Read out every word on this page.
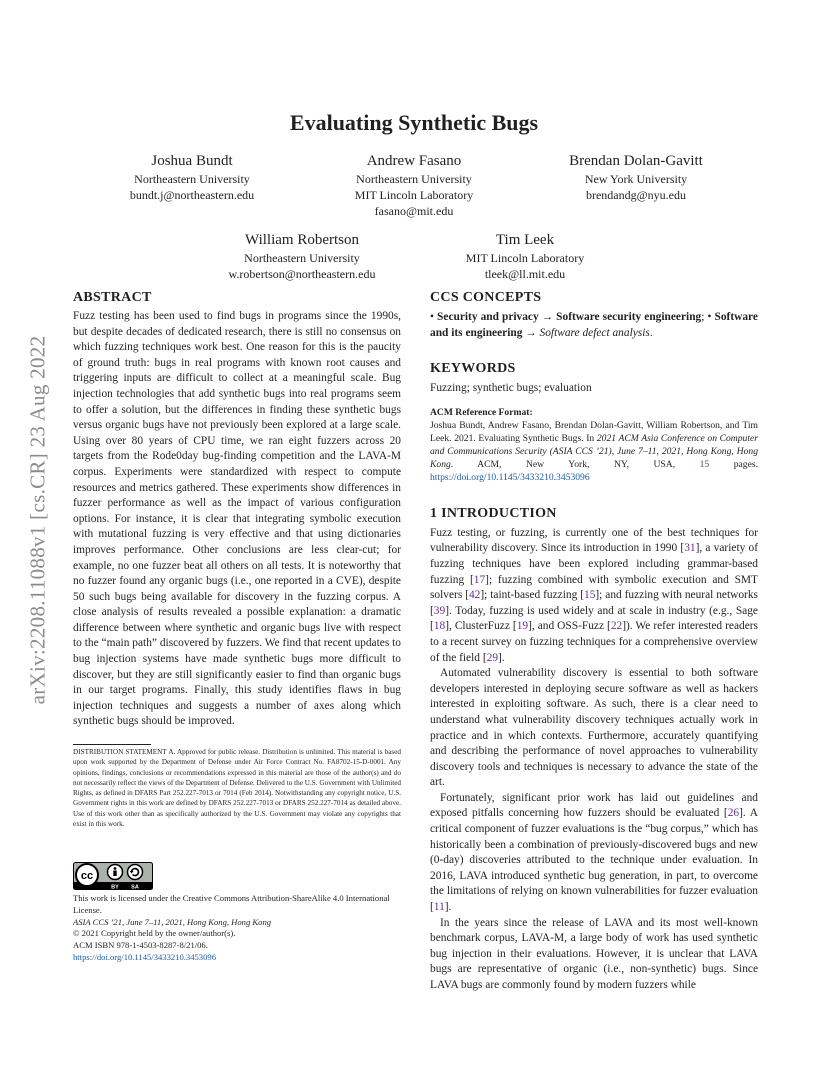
arXiv:2208.11088v1 [cs.CR] 23 Aug 2022
Evaluating Synthetic Bugs
Joshua Bundt
Northeastern University
bundt.j@northeastern.edu
Andrew Fasano
Northeastern University
MIT Lincoln Laboratory
fasano@mit.edu
Brendan Dolan-Gavitt
New York University
brendandg@nyu.edu
William Robertson
Northeastern University
w.robertson@northeastern.edu
Tim Leek
MIT Lincoln Laboratory
tleek@ll.mit.edu
ABSTRACT
Fuzz testing has been used to find bugs in programs since the 1990s, but despite decades of dedicated research, there is still no consensus on which fuzzing techniques work best. One reason for this is the paucity of ground truth: bugs in real programs with known root causes and triggering inputs are difficult to collect at a meaningful scale. Bug injection technologies that add synthetic bugs into real programs seem to offer a solution, but the differences in finding these synthetic bugs versus organic bugs have not previously been explored at a large scale. Using over 80 years of CPU time, we ran eight fuzzers across 20 targets from the Rode0day bug-finding competition and the LAVA-M corpus. Experiments were standardized with respect to compute resources and metrics gathered. These experiments show differences in fuzzer performance as well as the impact of various configuration options. For instance, it is clear that integrating symbolic execution with mutational fuzzing is very effective and that using dictionaries improves performance. Other conclusions are less clear-cut; for example, no one fuzzer beat all others on all tests. It is noteworthy that no fuzzer found any organic bugs (i.e., one reported in a CVE), despite 50 such bugs being available for discovery in the fuzzing corpus. A close analysis of results revealed a possible explanation: a dramatic difference between where synthetic and organic bugs live with respect to the “main path” discovered by fuzzers. We find that recent updates to bug injection systems have made synthetic bugs more difficult to discover, but they are still significantly easier to find than organic bugs in our target programs. Finally, this study identifies flaws in bug injection techniques and suggests a number of axes along which synthetic bugs should be improved.
DISTRIBUTION STATEMENT A. Approved for public release. Distribution is unlimited. This material is based upon work supported by the Department of Defense under Air Force Contract No. FA8702-15-D-0001. Any opinions, findings, conclusions or recommendations expressed in this material are those of the author(s) and do not necessarily reflect the views of the Department of Defense. Delivered to the U.S. Government with Unlimited Rights, as defined in DFARS Part 252.227-7013 or 7014 (Feb 2014). Notwithstanding any copyright notice, U.S. Government rights in this work are defined by DFARS 252.227-7013 or DFARS 252.227-7014 as detailed above. Use of this work other than as specifically authorized by the U.S. Government may violate any copyrights that exist in this work.
cc
BY SA
This work is licensed under the Creative Commons Attribution-ShareAlike 4.0 International License.
ASIA CCS ’21, June 7–11, 2021, Hong Kong, Hong Kong
© 2021 Copyright held by the owner/author(s).
ACM ISBN 978-1-4503-8287-8/21/06.
https://doi.org/10.1145/3433210.3453096
CCS CONCEPTS
• Security and privacy → Software security engineering; • Software and its engineering → Software defect analysis.
KEYWORDS
Fuzzing; synthetic bugs; evaluation
ACM Reference Format:
Joshua Bundt, Andrew Fasano, Brendan Dolan-Gavitt, William Robertson, and Tim Leek. 2021. Evaluating Synthetic Bugs. In 2021 ACM Asia Conference on Computer and Communications Security (ASIA CCS ’21), June 7–11, 2021, Hong Kong, Hong Kong. ACM, New York, NY, USA, 15 pages. https://doi.org/10.1145/3433210.3453096
1 INTRODUCTION
Fuzz testing, or fuzzing, is currently one of the best techniques for vulnerability discovery. Since its introduction in 1990 [31], a variety of fuzzing techniques have been explored including grammar-based fuzzing [17]; fuzzing combined with symbolic execution and SMT solvers [42]; taint-based fuzzing [15]; and fuzzing with neural networks [39]. Today, fuzzing is used widely and at scale in industry (e.g., Sage [18], ClusterFuzz [19], and OSS-Fuzz [22]). We refer interested readers to a recent survey on fuzzing techniques for a comprehensive overview of the field [29].
Automated vulnerability discovery is essential to both software developers interested in deploying secure software as well as hackers interested in exploiting software. As such, there is a clear need to understand what vulnerability discovery techniques actually work in practice and in which contexts. Furthermore, accurately quantifying and describing the performance of novel approaches to vulnerability discovery tools and techniques is necessary to advance the state of the art.
Fortunately, significant prior work has laid out guidelines and exposed pitfalls concerning how fuzzers should be evaluated [26]. A critical component of fuzzer evaluations is the “bug corpus,” which has historically been a combination of previously-discovered bugs and new (0-day) discoveries attributed to the technique under evaluation. In 2016, LAVA introduced synthetic bug generation, in part, to overcome the limitations of relying on known vulnerabilities for fuzzer evaluation [11].
In the years since the release of LAVA and its most well-known benchmark corpus, LAVA-M, a large body of work has used synthetic bug injection in their evaluations. However, it is unclear that LAVA bugs are representative of organic (i.e., non-synthetic) bugs. Since LAVA bugs are commonly found by modern fuzzers while
